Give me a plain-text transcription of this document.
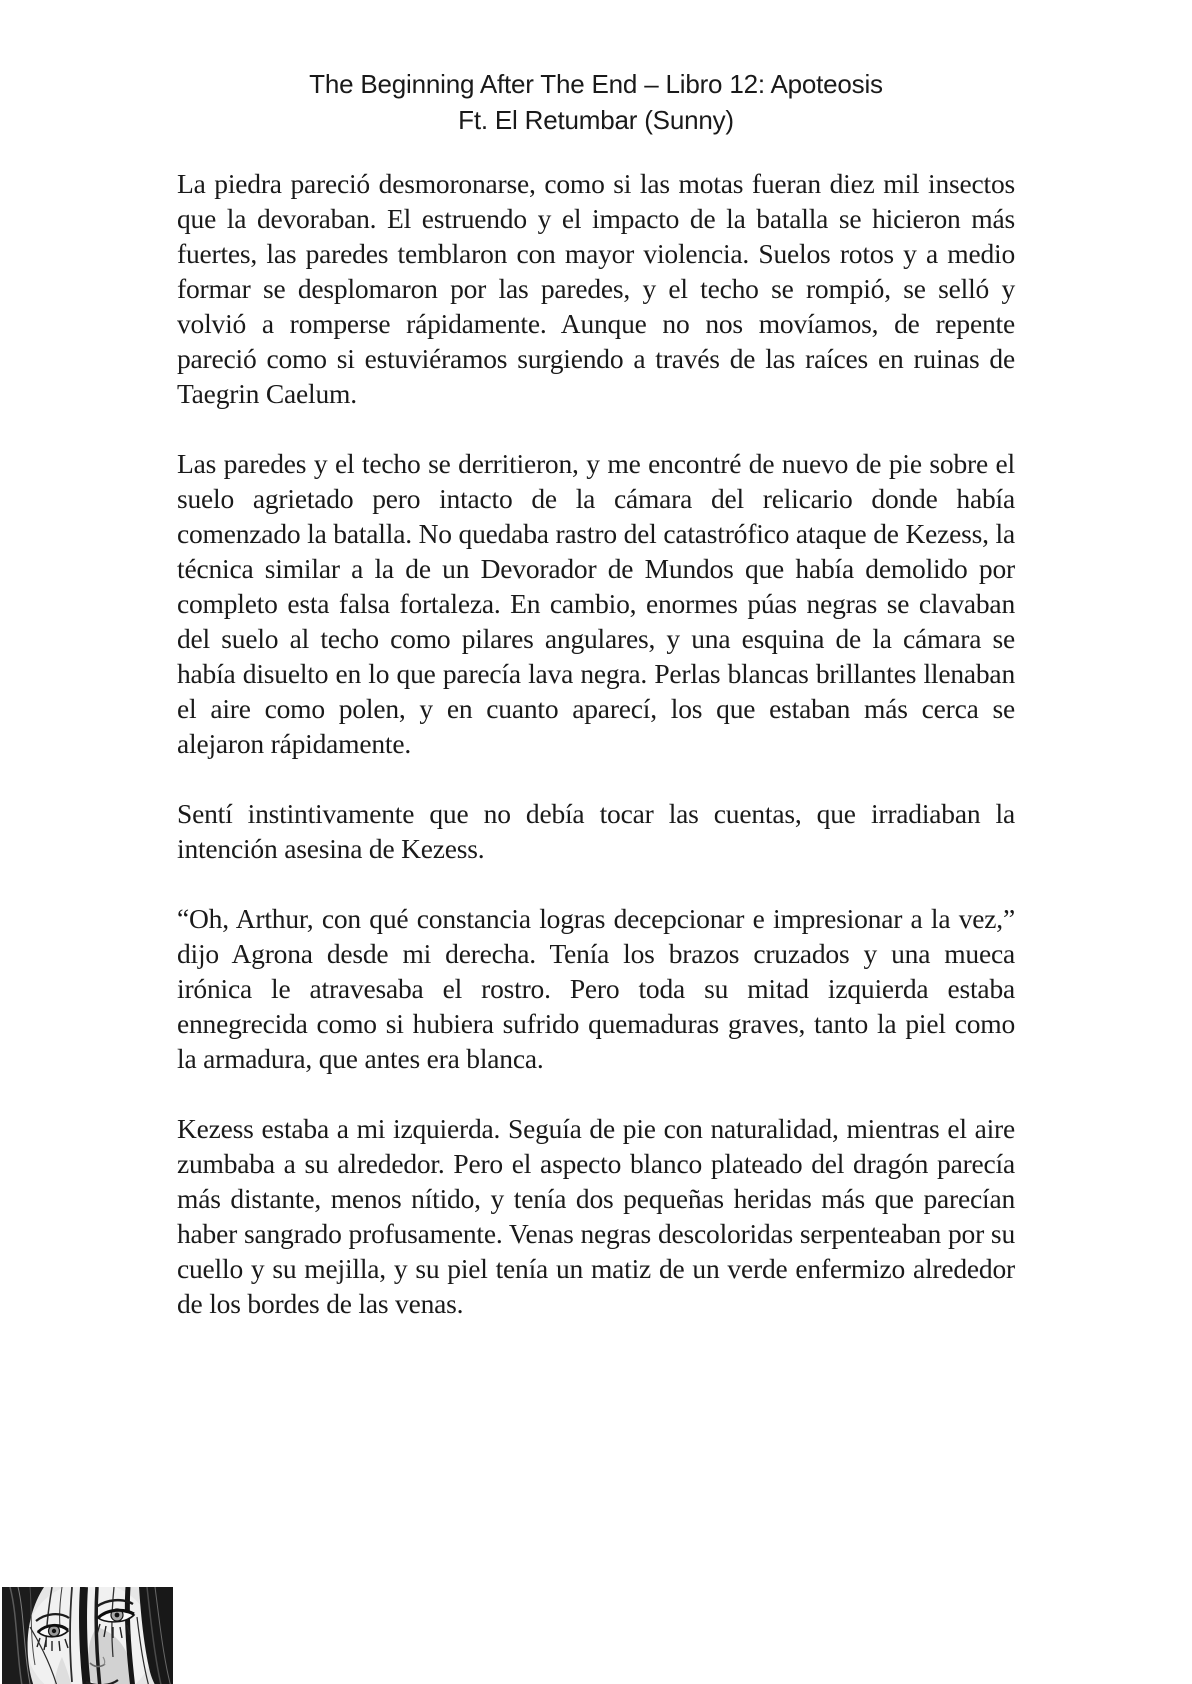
The Beginning After The End – Libro 12: Apoteosis
Ft. El Retumbar (Sunny)

La piedra pareció desmoronarse, como si las motas fueran diez mil insectos que la devoraban. El estruendo y el impacto de la batalla se hicieron más fuertes, las paredes temblaron con mayor violencia. Suelos rotos y a medio formar se desplomaron por las paredes, y el techo se rompió, se selló y volvió a romperse rápidamente. Aunque no nos movíamos, de repente pareció como si estuviéramos surgiendo a través de las raíces en ruinas de Taegrin Caelum.

Las paredes y el techo se derritieron, y me encontré de nuevo de pie sobre el suelo agrietado pero intacto de la cámara del relicario donde había comenzado la batalla. No quedaba rastro del catastrófico ataque de Kezess, la técnica similar a la de un Devorador de Mundos que había demolido por completo esta falsa fortaleza. En cambio, enormes púas negras se clavaban del suelo al techo como pilares angulares, y una esquina de la cámara se había disuelto en lo que parecía lava negra. Perlas blancas brillantes llenaban el aire como polen, y en cuanto aparecí, los que estaban más cerca se alejaron rápidamente.

Sentí instintivamente que no debía tocar las cuentas, que irradiaban la intención asesina de Kezess.

“Oh, Arthur, con qué constancia logras decepcionar e impresionar a la vez,” dijo Agrona desde mi derecha. Tenía los brazos cruzados y una mueca irónica le atravesaba el rostro. Pero toda su mitad izquierda estaba ennegrecida como si hubiera sufrido quemaduras graves, tanto la piel como la armadura, que antes era blanca.

Kezess estaba a mi izquierda. Seguía de pie con naturalidad, mientras el aire zumbaba a su alrededor. Pero el aspecto blanco plateado del dragón parecía más distante, menos nítido, y tenía dos pequeñas heridas más que parecían haber sangrado profusamente. Venas negras descoloridas serpenteaban por su cuello y su mejilla, y su piel tenía un matiz de un verde enfermizo alrededor de los bordes de las venas.
